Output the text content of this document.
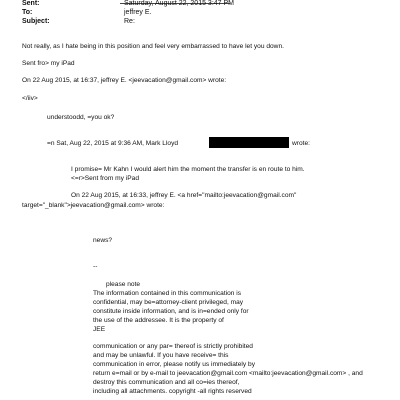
Sent:	Saturday, August 22, 2015 3:47 PM
To:	jeffrey E.
Subject:	Re:
Not really, as I hate being in this position and feel very embarrassed to have let you down.
Sent fro> my iPad
On 22 Aug 2015, at 16:37, jeffrey E. <jeevacation@gmail.com> wrote:
</iiv>
understoodd, =you ok?
=n Sat, Aug 22, 2015 at 9:36 AM, Mark Lloyd	wrote:
I promise= Mr Kahn I would alert him the moment the transfer is en route to him.
<=r>Sent from my iPad
On 22 Aug 2015, at 16:33, jeffrey E. <a href="mailto:jeevacation@gmail.com"
target="_blank">jeevacation@gmail.com> wrote:
news?
--
please note
The information contained in this communication is
confidential, may be=attorney-client privileged, may
constitute inside information, and is in=ended only for
the use of the addressee. It is the property of
JEE
communication or any par= thereof is strictly prohibited
and may be unlawful. If you have receive= this
communication in error, please notify us immediately by
return e=mail or by e-mail to jeevacation@gmail.com <mailto:jeevacation@gmail.com> , and
destroy this communication and all co=ies thereof,
including all attachments. copyright -all rights reserved
